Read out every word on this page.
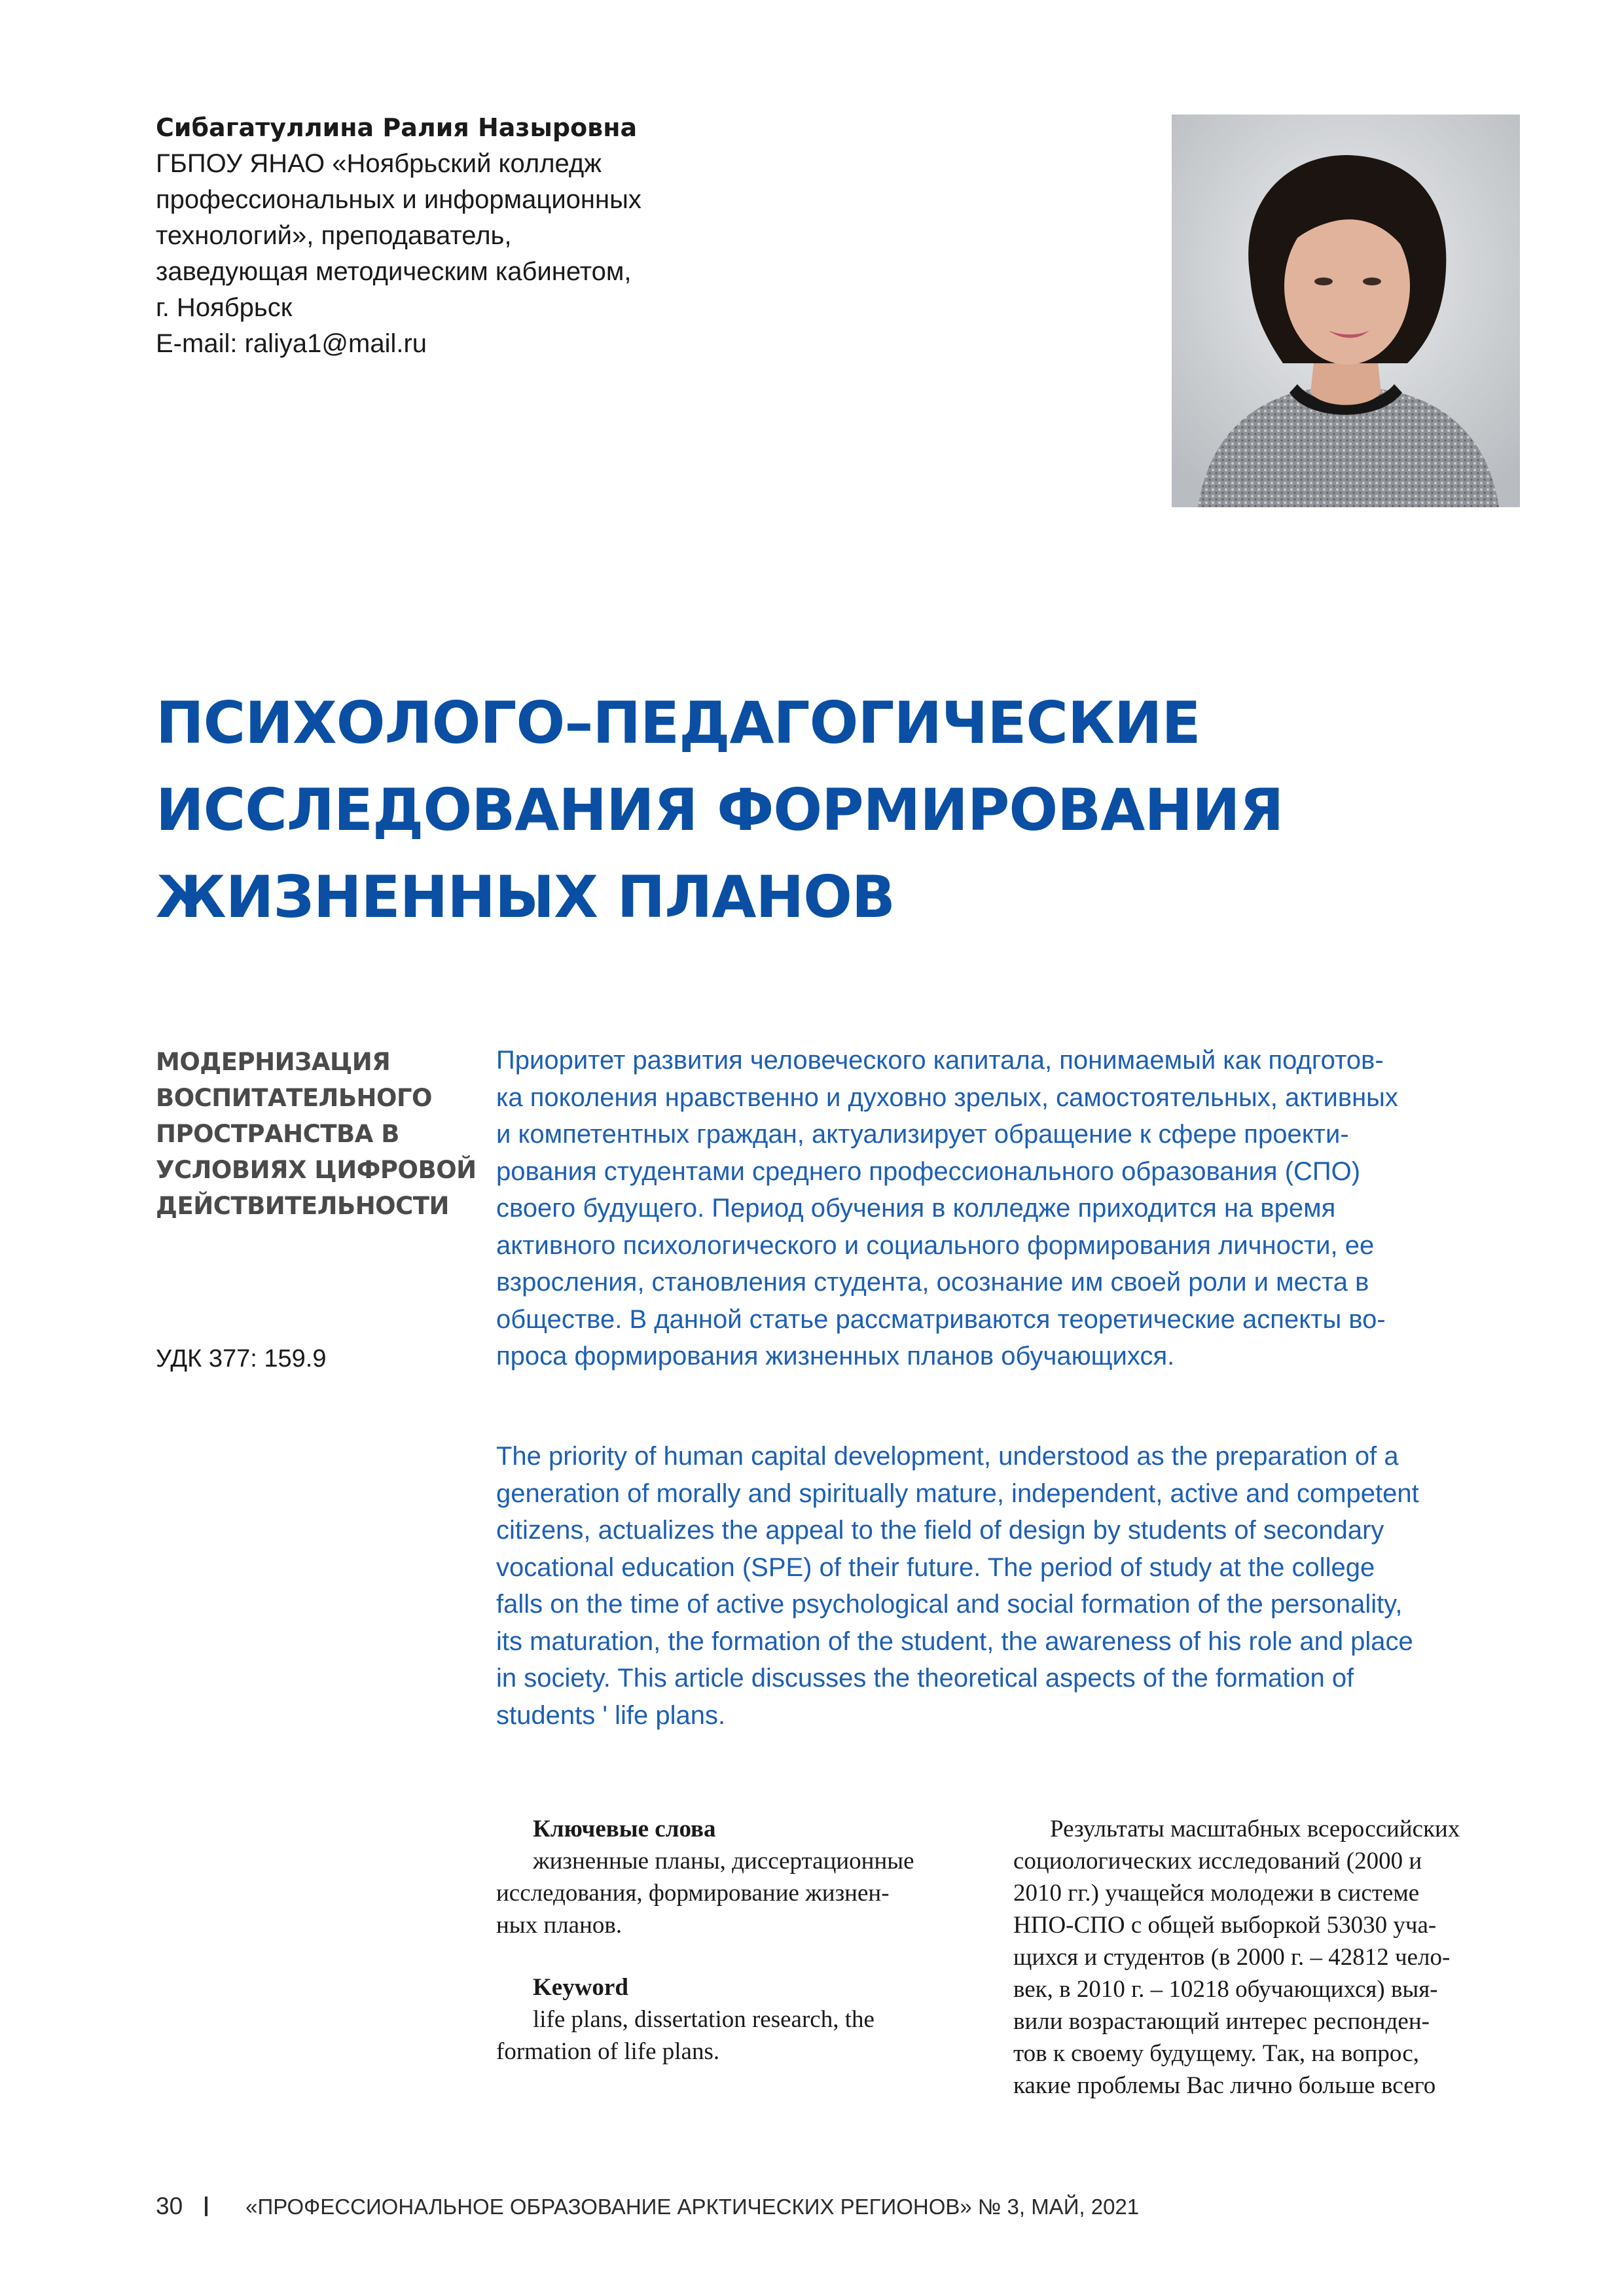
Сибагатуллина Ралия Назыровна
ГБПОУ ЯНАО «Ноябрьский колледж
профессиональных и информационных
технологий», преподаватель,
заведующая методическим кабинетом,
г. Ноябрьск
E-mail: raliya1@mail.ru
ПСИХОЛОГО–ПЕДАГОГИЧЕСКИЕ
ИССЛЕДОВАНИЯ ФОРМИРОВАНИЯ
ЖИЗНЕННЫХ ПЛАНОВ
МОДЕРНИЗАЦИЯ
ВОСПИТАТЕЛЬНОГО
ПРОСТРАНСТВА В
УСЛОВИЯХ ЦИФРОВОЙ
ДЕЙСТВИТЕЛЬНОСТИ
УДК 377: 159.9
Приоритет развития человеческого капитала, понимаемый как подготов-
ка поколения нравственно и духовно зрелых, самостоятельных, активных
и компетентных граждан, актуализирует обращение к сфере проекти-
рования студентами среднего профессионального образования (СПО)
своего будущего. Период обучения в колледже приходится на время
активного психологического и социального формирования личности, ее
взросления, становления студента, осознание им своей роли и места в
обществе. В данной статье рассматриваются теоретические аспекты во-
проса формирования жизненных планов обучающихся.
The priority of human capital development, understood as the preparation of a
generation of morally and spiritually mature, independent, active and competent
citizens, actualizes the appeal to the field of design by students of secondary
vocational education (SPE) of their future. The period of study at the college
falls on the time of active psychological and social formation of the personality,
its maturation, the formation of the student, the awareness of his role and place
in society. This article discusses the theoretical aspects of the formation of
students ' life plans.
Ключевые слова
жизненные планы, диссертационные
исследования, формирование жизнен-
ных планов.
Keyword
life plans, dissertation research, the
formation of life plans.
Результаты масштабных всероссийских
социологических исследований (2000 и
2010 гг.) учащейся молодежи в системе
НПО-СПО с общей выборкой 53030 уча-
щихся и студентов (в 2000 г. – 42812 чело-
век, в 2010 г. – 10218 обучающихся) выя-
вили возрастающий интерес респонден-
тов к своему будущему. Так, на вопрос,
какие проблемы Вас лично больше всего
30	«ПРОФЕССИОНАЛЬНОЕ ОБРАЗОВАНИЕ АРКТИЧЕСКИХ РЕГИОНОВ» № 3, МАЙ, 2021
